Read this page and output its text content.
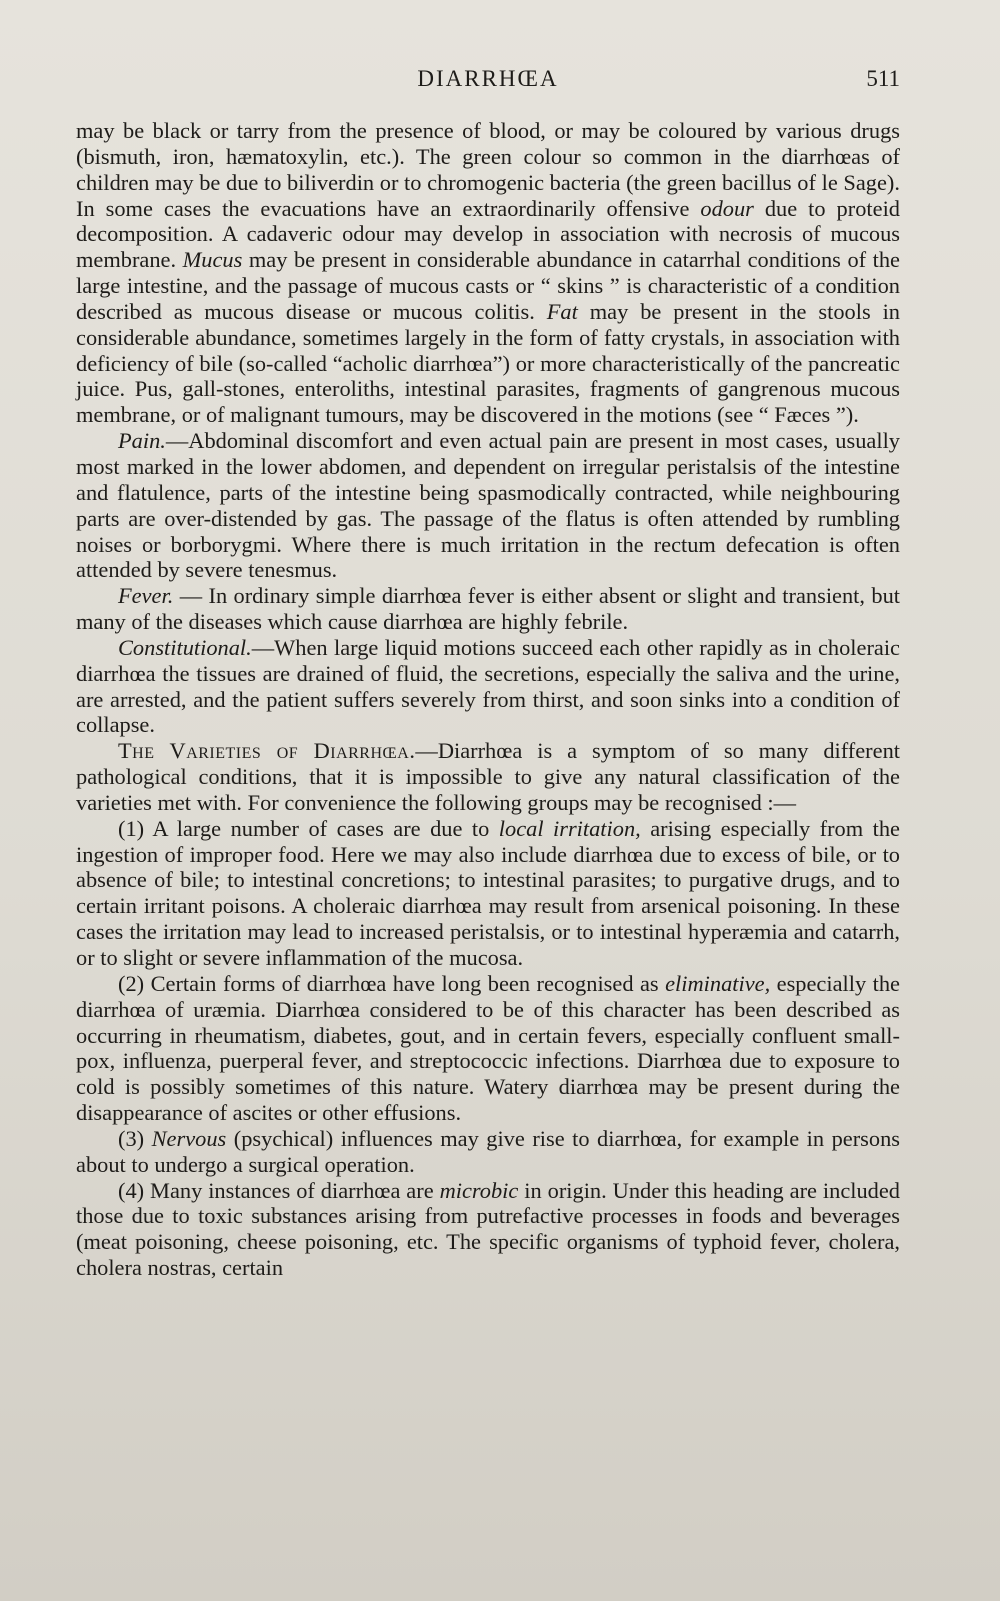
DIARRHŒA	511

may be black or tarry from the presence of blood, or may be coloured by various drugs (bismuth, iron, hæmatoxylin, etc.). The green colour so common in the diarrhœas of children may be due to biliverdin or to chromogenic bacteria (the green bacillus of le Sage). In some cases the evacuations have an extraordinarily offensive odour due to proteid decomposition. A cadaveric odour may develop in association with necrosis of mucous membrane. Mucus may be present in considerable abundance in catarrhal conditions of the large intestine, and the passage of mucous casts or “ skins ” is characteristic of a condition described as mucous disease or mucous colitis. Fat may be present in the stools in considerable abundance, sometimes largely in the form of fatty crystals, in association with deficiency of bile (so-called “acholic diarrhœa”) or more characteristically of the pancreatic juice. Pus, gall-stones, enteroliths, intestinal parasites, fragments of gangrenous mucous membrane, or of malignant tumours, may be discovered in the motions (see “ Fæces ”).

Pain.—Abdominal discomfort and even actual pain are present in most cases, usually most marked in the lower abdomen, and dependent on irregular peristalsis of the intestine and flatulence, parts of the intestine being spasmodically contracted, while neighbouring parts are over-distended by gas. The passage of the flatus is often attended by rumbling noises or borborygmi. Where there is much irritation in the rectum defecation is often attended by severe tenesmus.

Fever. — In ordinary simple diarrhœa fever is either absent or slight and transient, but many of the diseases which cause diarrhœa are highly febrile.

Constitutional.—When large liquid motions succeed each other rapidly as in choleraic diarrhœa the tissues are drained of fluid, the secretions, especially the saliva and the urine, are arrested, and the patient suffers severely from thirst, and soon sinks into a condition of collapse.

The Varieties of Diarrhœa.—Diarrhœa is a symptom of so many different pathological conditions, that it is impossible to give any natural classification of the varieties met with. For convenience the following groups may be recognised :—

(1) A large number of cases are due to local irritation, arising especially from the ingestion of improper food. Here we may also include diarrhœa due to excess of bile, or to absence of bile; to intestinal concretions; to intestinal parasites; to purgative drugs, and to certain irritant poisons. A choleraic diarrhœa may result from arsenical poisoning. In these cases the irritation may lead to increased peristalsis, or to intestinal hyperæmia and catarrh, or to slight or severe inflammation of the mucosa.

(2) Certain forms of diarrhœa have long been recognised as eliminative, especially the diarrhœa of uræmia. Diarrhœa considered to be of this character has been described as occurring in rheumatism, diabetes, gout, and in certain fevers, especially confluent small-pox, influenza, puerperal fever, and streptococcic infections. Diarrhœa due to exposure to cold is possibly sometimes of this nature. Watery diarrhœa may be present during the disappearance of ascites or other effusions.

(3) Nervous (psychical) influences may give rise to diarrhœa, for example in persons about to undergo a surgical operation.

(4) Many instances of diarrhœa are microbic in origin. Under this heading are included those due to toxic substances arising from putrefactive processes in foods and beverages (meat poisoning, cheese poisoning, etc. The specific organisms of typhoid fever, cholera, cholera nostras, certain
